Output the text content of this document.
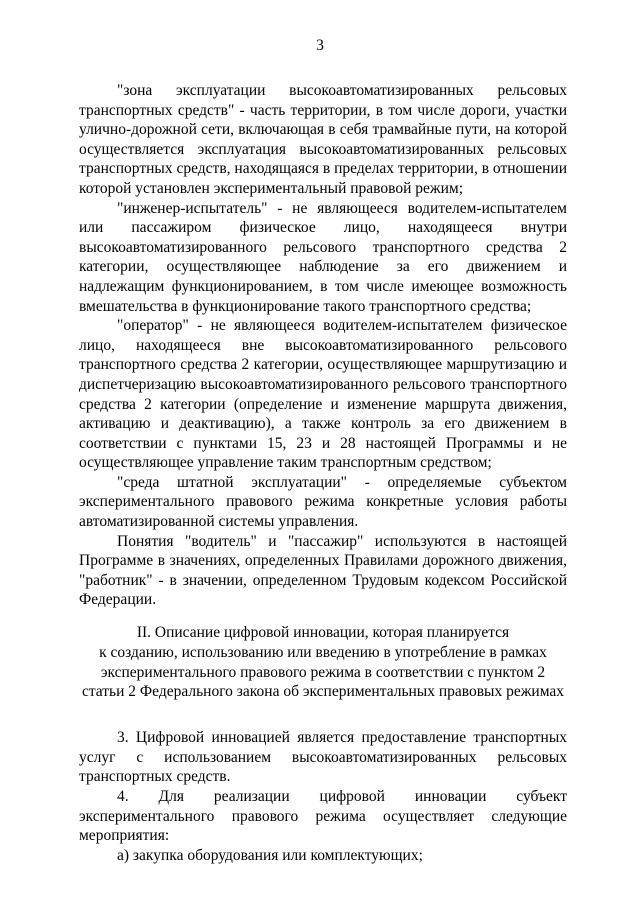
3

"зона эксплуатации высокоавтоматизированных рельсовых транспортных средств" - часть территории, в том числе дороги, участки улично-дорожной сети, включающая в себя трамвайные пути, на которой осуществляется эксплуатация высокоавтоматизированных рельсовых транспортных средств, находящаяся в пределах территории, в отношении которой установлен экспериментальный правовой режим;

"инженер-испытатель" - не являющееся водителем-испытателем или пассажиром физическое лицо, находящееся внутри высокоавтоматизированного рельсового транспортного средства 2 категории, осуществляющее наблюдение за его движением и надлежащим функционированием, в том числе имеющее возможность вмешательства в функционирование такого транспортного средства;

"оператор" - не являющееся водителем-испытателем физическое лицо, находящееся вне высокоавтоматизированного рельсового транспортного средства 2 категории, осуществляющее маршрутизацию и диспетчеризацию высокоавтоматизированного рельсового транспортного средства 2 категории (определение и изменение маршрута движения, активацию и деактивацию), а также контроль за его движением в соответствии с пунктами 15, 23 и 28 настоящей Программы и не осуществляющее управление таким транспортным средством;

"среда штатной эксплуатации" - определяемые субъектом экспериментального правового режима конкретные условия работы автоматизированной системы управления.

Понятия "водитель" и "пассажир" используются в настоящей Программе в значениях, определенных Правилами дорожного движения, "работник" - в значении, определенном Трудовым кодексом Российской Федерации.

II. Описание цифровой инновации, которая планируется
к созданию, использованию или введению в употребление в рамках
экспериментального правового режима в соответствии с пунктом 2
статьи 2 Федерального закона об экспериментальных правовых режимах

3. Цифровой инновацией является предоставление транспортных услуг с использованием высокоавтоматизированных рельсовых транспортных средств.

4. Для реализации цифровой инновации субъект экспериментального правового режима осуществляет следующие мероприятия:

а) закупка оборудования или комплектующих;
